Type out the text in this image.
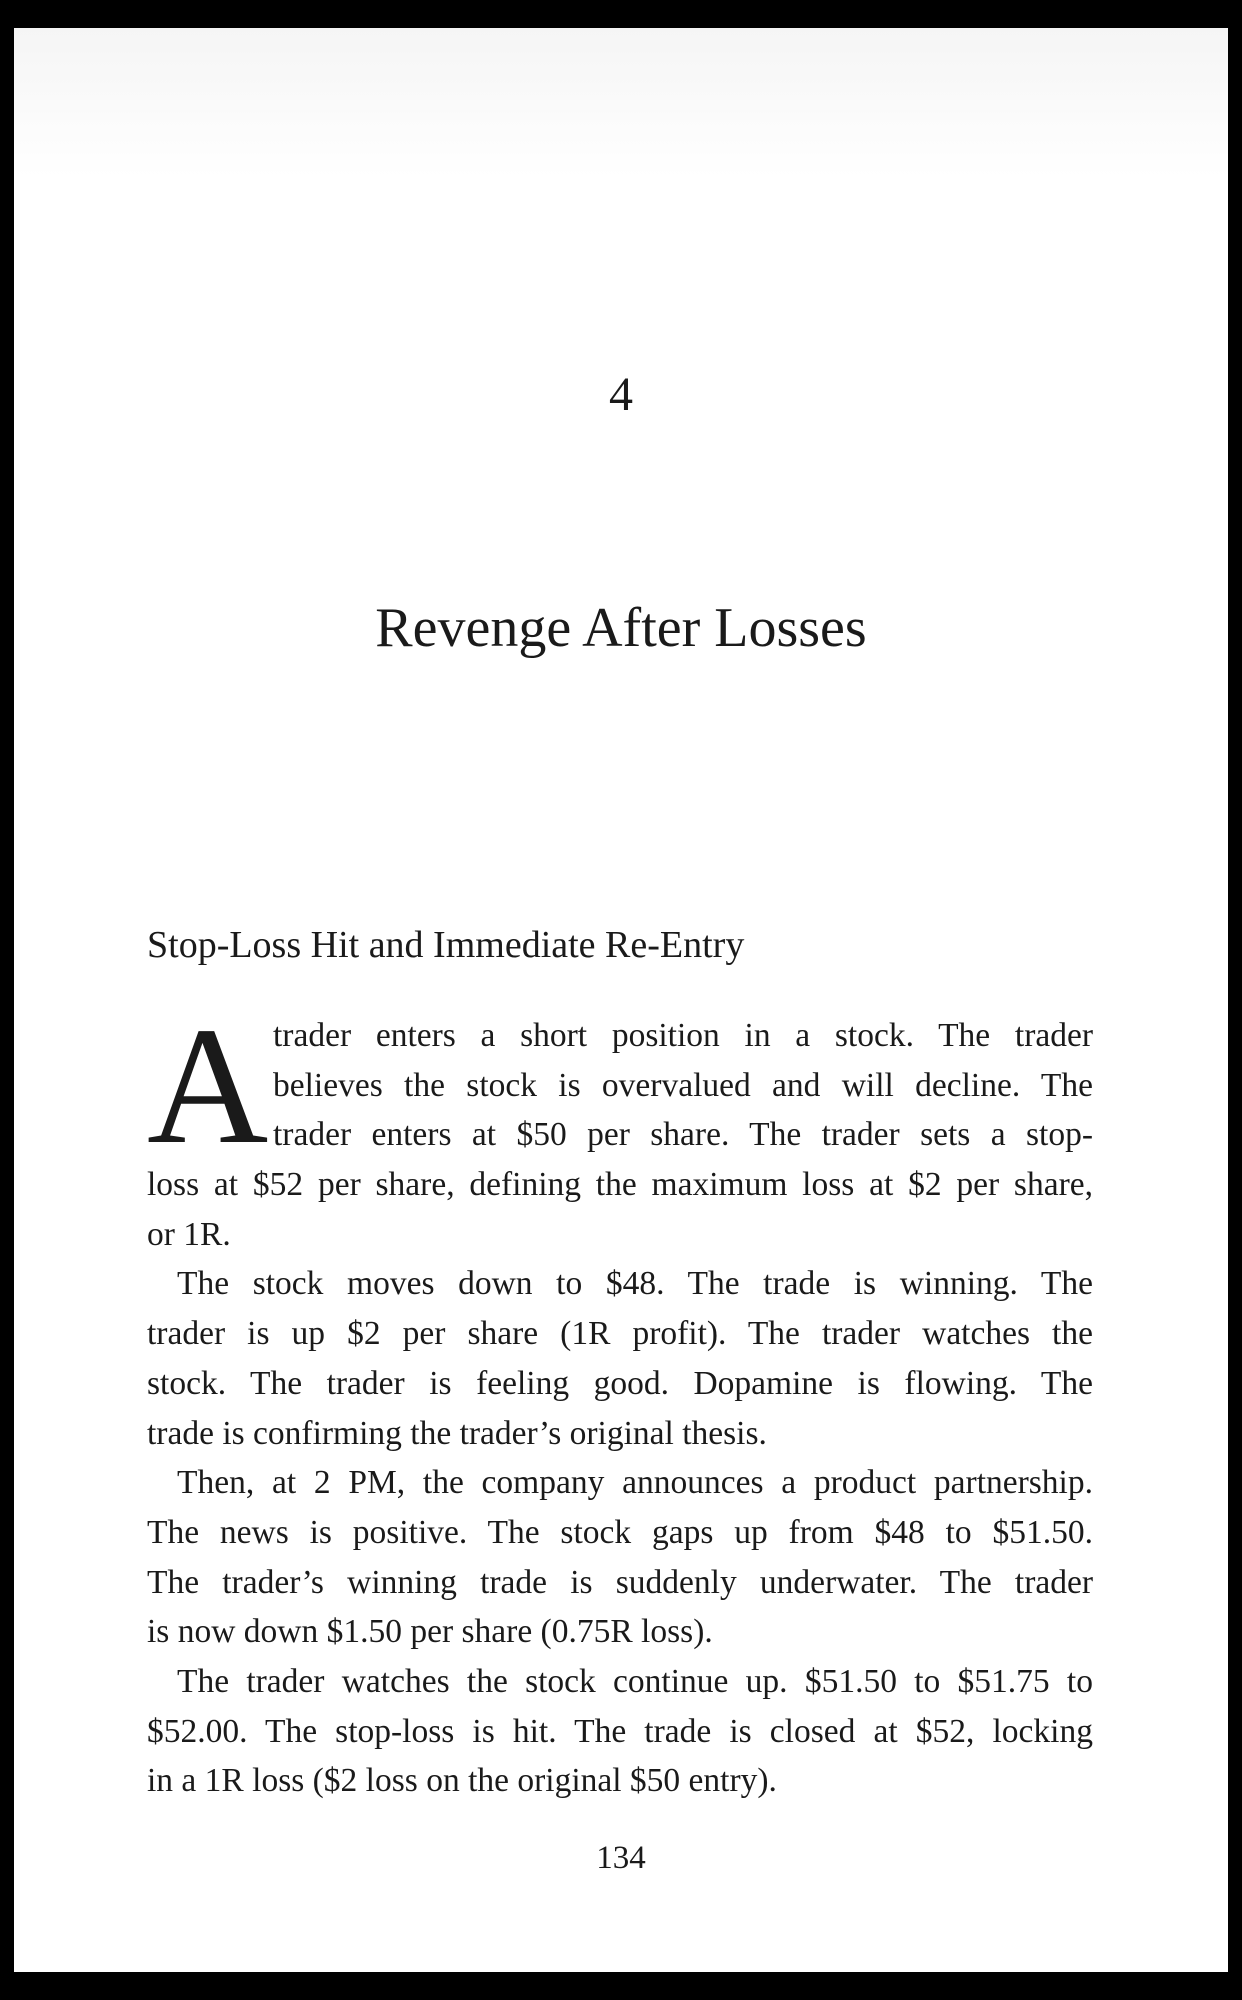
4
Revenge After Losses
Stop-Loss Hit and Immediate Re-Entry
A trader enters a short position in a stock. The trader
believes the stock is overvalued and will decline. The
trader enters at $50 per share. The trader sets a stop-
loss at $52 per share, defining the maximum loss at $2 per share,
or 1R.
The stock moves down to $48. The trade is winning. The
trader is up $2 per share (1R profit). The trader watches the
stock. The trader is feeling good. Dopamine is flowing. The
trade is confirming the trader’s original thesis.
Then, at 2 PM, the company announces a product partnership.
The news is positive. The stock gaps up from $48 to $51.50.
The trader’s winning trade is suddenly underwater. The trader
is now down $1.50 per share (0.75R loss).
The trader watches the stock continue up. $51.50 to $51.75 to
$52.00. The stop-loss is hit. The trade is closed at $52, locking
in a 1R loss ($2 loss on the original $50 entry).
134
